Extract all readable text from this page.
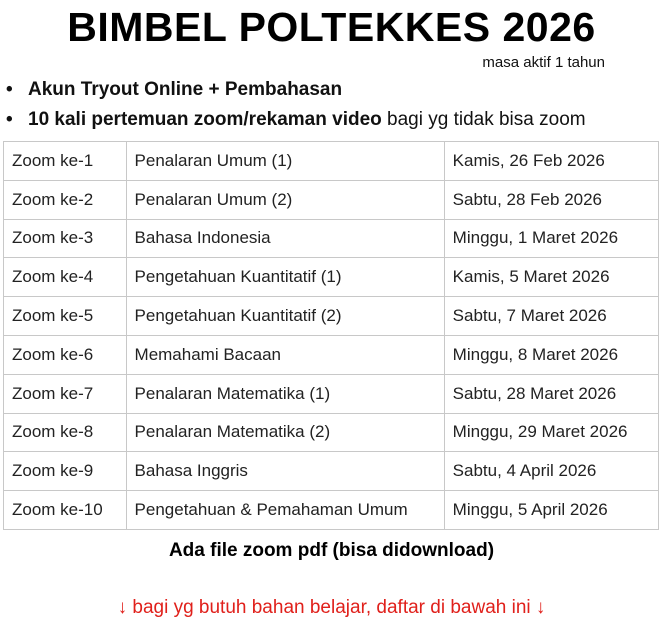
BIMBEL POLTEKKES 2026
masa aktif 1 tahun
• Akun Tryout Online + Pembahasan
• 10 kali pertemuan zoom/rekaman video bagi yg tidak bisa zoom
Zoom ke-1	Penalaran Umum (1)	Kamis, 26 Feb 2026
Zoom ke-2	Penalaran Umum (2)	Sabtu, 28 Feb 2026
Zoom ke-3	Bahasa Indonesia	Minggu, 1 Maret 2026
Zoom ke-4	Pengetahuan Kuantitatif (1)	Kamis, 5 Maret 2026
Zoom ke-5	Pengetahuan Kuantitatif (2)	Sabtu, 7 Maret 2026
Zoom ke-6	Memahami Bacaan	Minggu, 8 Maret 2026
Zoom ke-7	Penalaran Matematika (1)	Sabtu, 28 Maret 2026
Zoom ke-8	Penalaran Matematika (2)	Minggu, 29 Maret 2026
Zoom ke-9	Bahasa Inggris	Sabtu, 4 April 2026
Zoom ke-10	Pengetahuan & Pemahaman Umum	Minggu, 5 April 2026
Ada file zoom pdf (bisa didownload)
↓ bagi yg butuh bahan belajar, daftar di bawah ini ↓
